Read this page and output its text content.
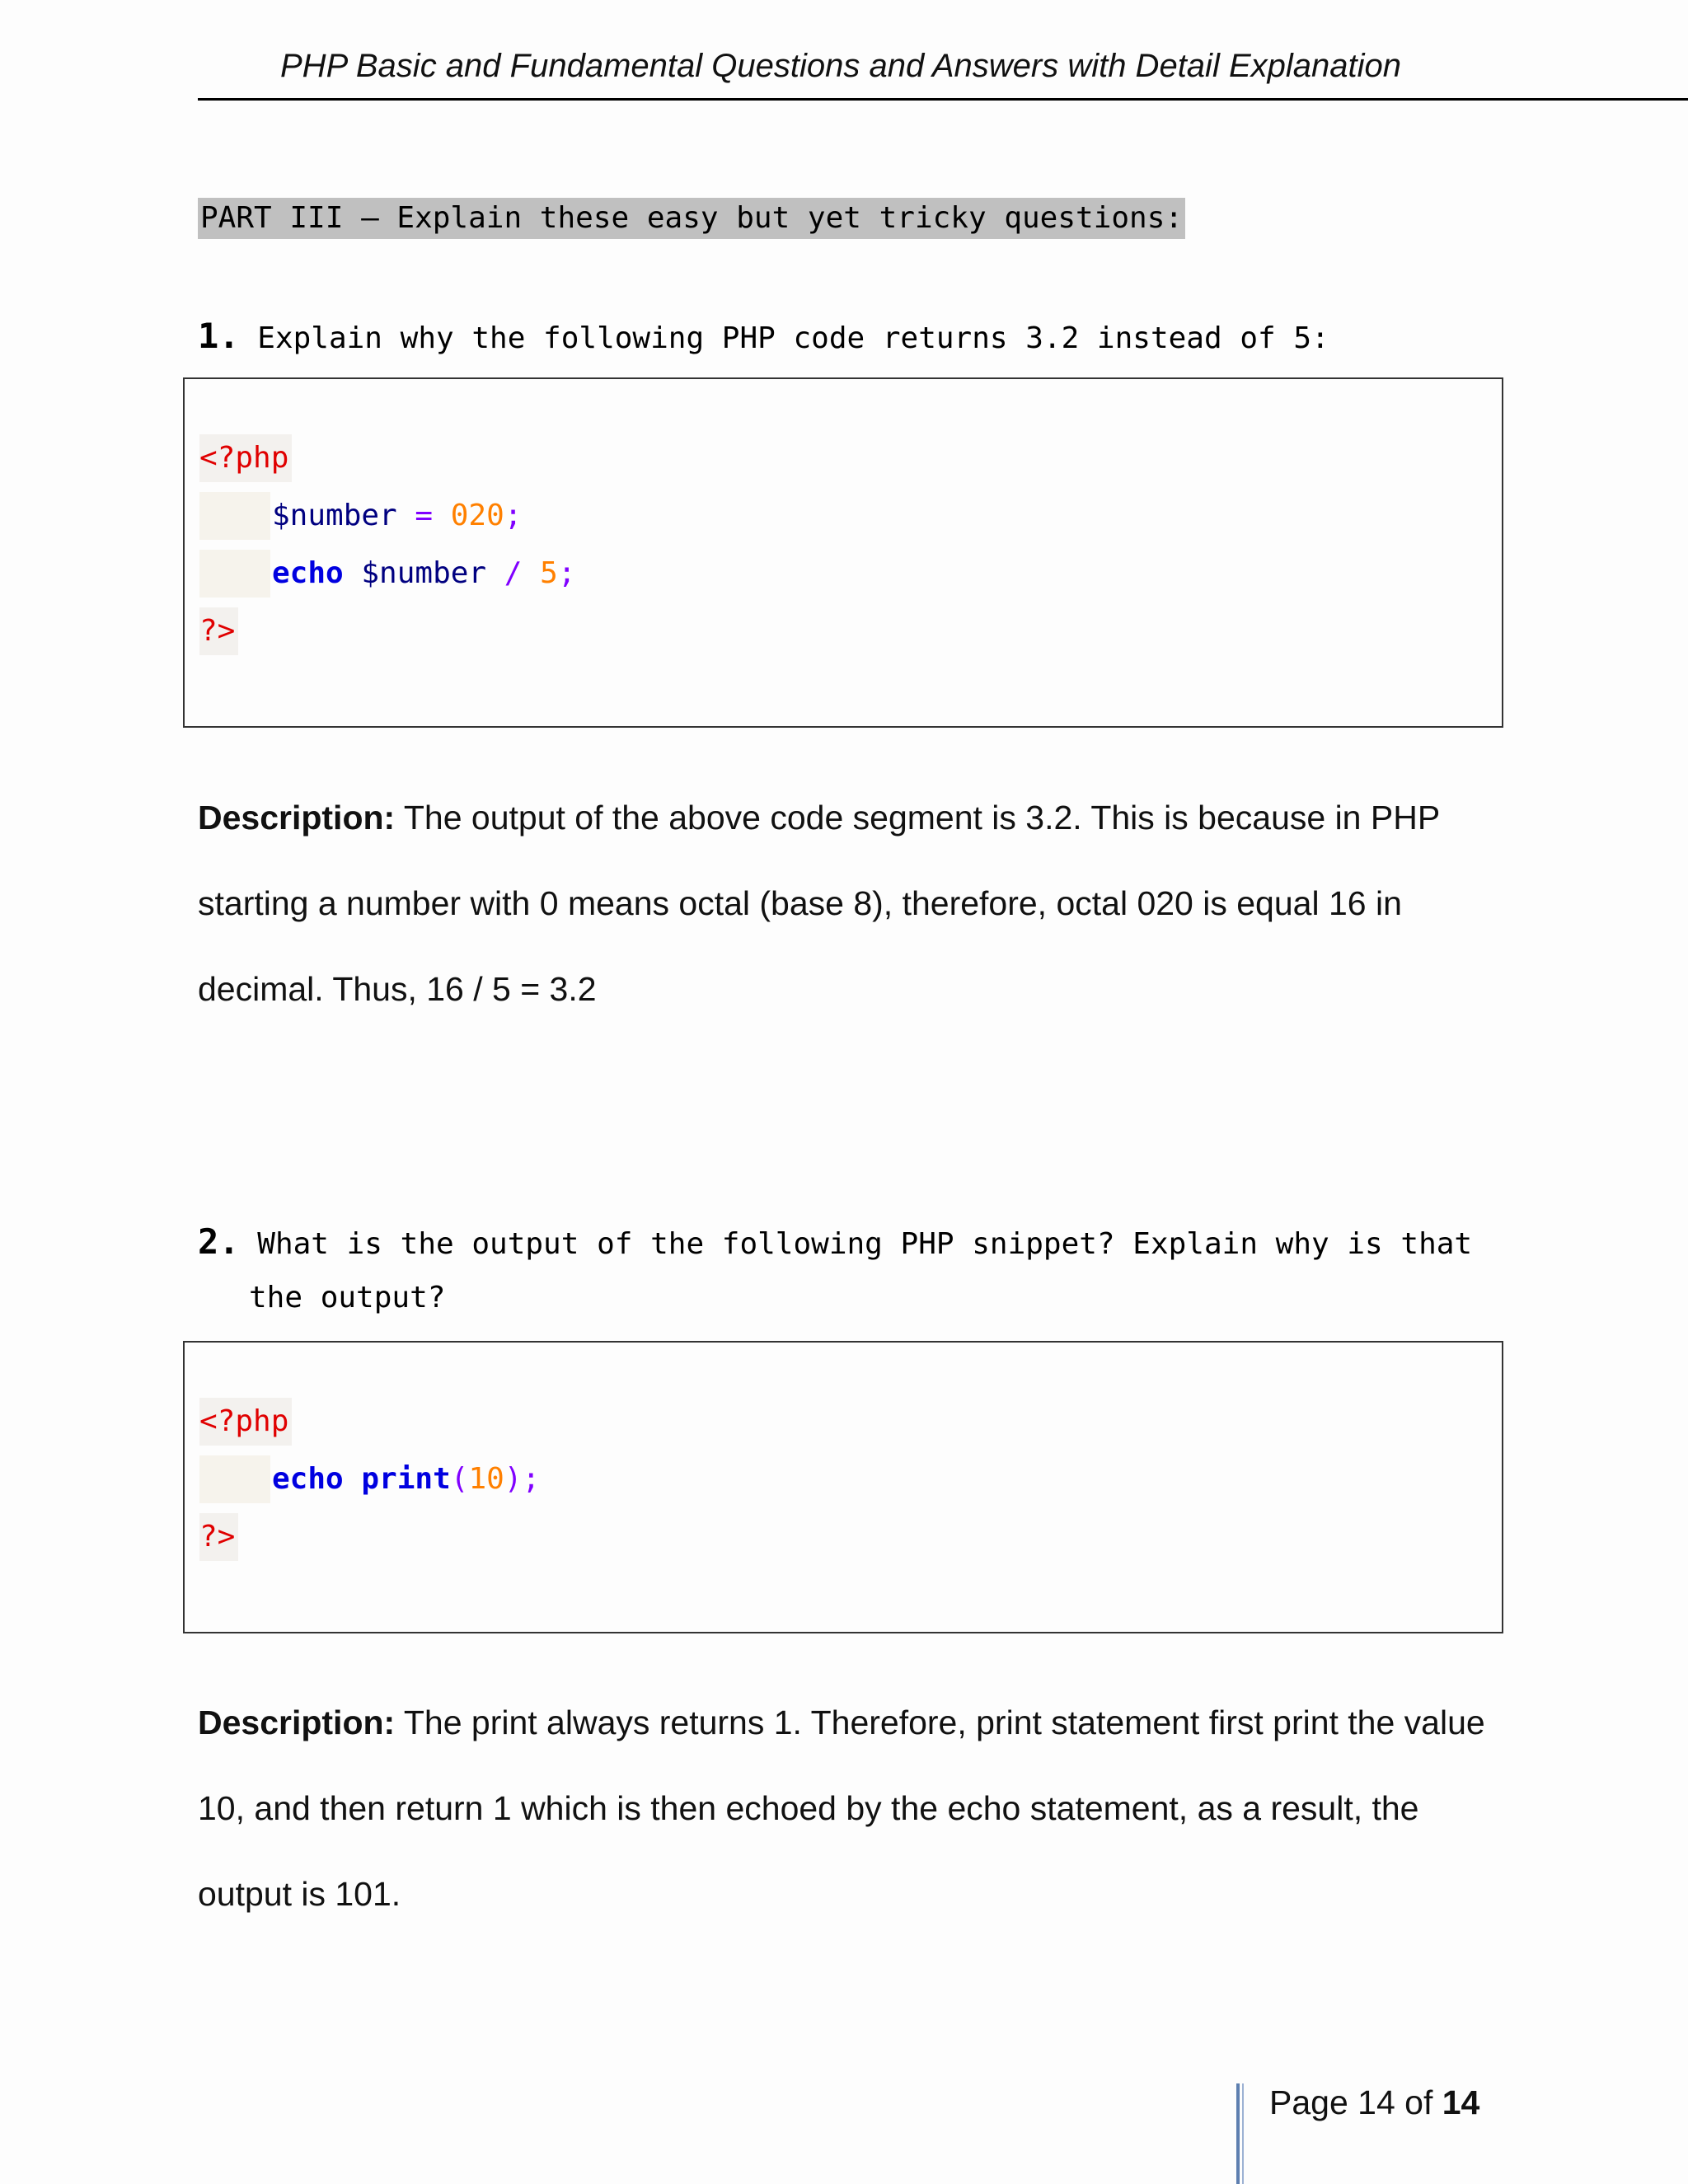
PHP Basic and Fundamental Questions and Answers with Detail Explanation
PART III – Explain these easy but yet tricky questions:
1. Explain why the following PHP code returns 3.2 instead of 5:
<?php
$number = 020;
echo $number / 5;
?>
Description: The output of the above code segment is 3.2. This is because in PHP starting a number with 0 means octal (base 8), therefore, octal 020 is equal 16 in decimal. Thus, 16 / 5 = 3.2
2. What is the output of the following PHP snippet? Explain why is that
the output?
<?php
echo print(10);
?>
Description: The print always returns 1. Therefore, print statement first print the value 10, and then return 1 which is then echoed by the echo statement, as a result, the output is 101.
Page 14 of 14
